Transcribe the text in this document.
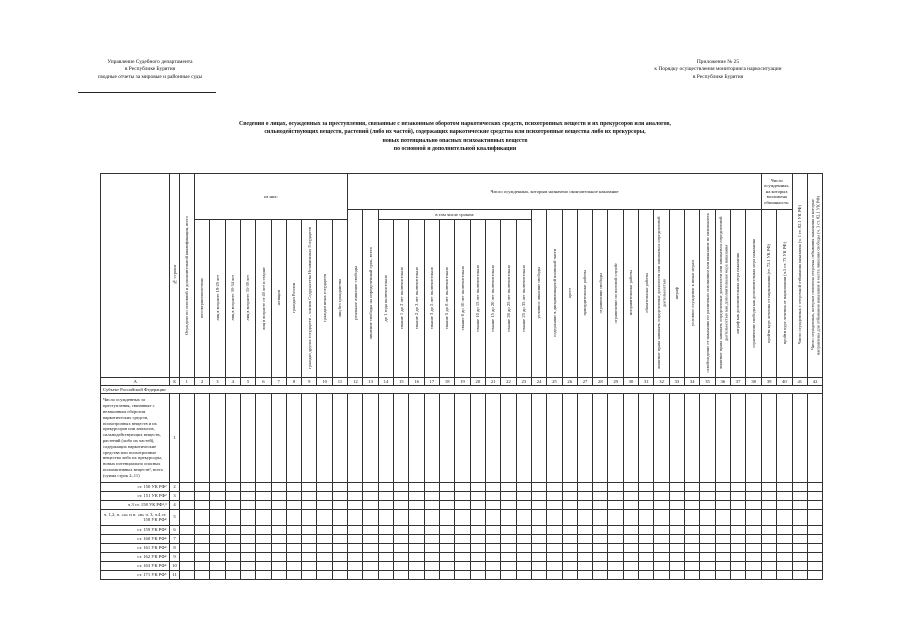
Управление Судебного департамента
в Республике Бурятия
сводные отчеты за мировые и районные суды
Приложение № 25
к Порядку осуществления мониторинга наркоситуации
в Республике Бурятия
Сведения о лицах, осужденных за преступления, связанные с незаконным оборотом наркотических средств, психотропных веществ и их прекурсоров или аналогов,
сильнодействующих веществ, растений (либо их частей), содержащих наркотические средства или психотропные вещества либо их прекурсоры,
новых потенциально опасных психоактивных веществ
по основной и дополнительной квалификации
	№ строки	Осуждено по основной и дополнительной квалификации, всего	из них:										Число осужденных, которым назначено окончательное наказание																											Число осужденных, на которых возложена обязанность:		Число осужденных с отсрочкой отбывания наказания (ч. 1 ст. 82.1 УК РФ)	Число осужденных, которым отменена отсрочка отбывания наказания и которые направлены для отбывания наказания в места лишения свободы (ч. 3 ст. 82.1 УК РФ)
													реальное лишение свободы	лишение свободы на определенный срок, всего	в том числе сроком:										условное лишение свободы	содержание в дисциплинарной воинской части	арест	принудительные работы	ограничение свободы	ограничение по военной службе	исправительные работы	обязательные работы	лишение права занимать определенные должности или заниматься определенной деятельностью	штраф	условное осуждение к иным мерам	освобождение от наказания по различным основаниям или наказание не назначалось	лишение права занимать определенные должности или заниматься определенной деятельностью как дополнительная мера наказания	штраф как дополнительная мера наказания	ограничение свободы как дополнительная мера наказания	пройти курс лечения от наркомании (ст. 72.1 УК РФ)	пройти курс лечения от наркомании (ч.5 ст. 73 УК РФ)		
			несовершеннолетних	лиц в возрасте 18-29 лет	лиц в возрасте 30-34 лет	лиц в возрасте 35-39 лет	лиц в возрасте от 40 лет и старше	женщин	граждан России	граждан других государств – членов Содружества Независимых Государств	граждан иных государств	лиц без гражданства			до 1 года включительно	свыше 1 до 2 лет включительно	свыше 2 до 3 лет включительно	свыше 3 до 5 лет включительно	свыше 5 до 8 лет включительно	свыше 8 до 10 лет включительно	свыше 10 до 15 лет включительно	свыше 15 до 20 лет включительно	свыше 20 до 25 лет включительно	свыше 25 до 35 лет включительно																			
А	Б	1	2	3	4	5	6	7	8	9	10	11	12	13	14	15	16	17	18	19	20	21	22	23	24	25	26	27	28	29	30	31	32	33	34	35	36	37	38	39	40	41	42
Субъект Российской Федерации																																											
Число осужденных за преступления, связанные с незаконным оборотом наркотических средств, психотропных веществ и их прекурсоров или аналогов, сильнодействующих веществ, растений (либо их частей), содержащих наркотические средства или психотропные вещества либо их прекурсоры, новых потенциально опасных психоактивных веществ¹, всего (сумма строк 2–11)	1																																										
ст. 150 УК РФ²	2																																										
ст. 151 УК РФ²	3																																										
ч.3 ст. 158 УК РФ²,³	4																																										
ч. 1,2, п. «а» и п. «в» ч. 3, ч.4 ст. 158 УК РФ⁴	5																																										
ст. 159 УК РФ⁴	6																																										
ст. 160 УК РФ⁴	7																																										
ст. 161 УК РФ⁴	8																																										
ст. 162 УК РФ⁴	9																																										
ст. 163 УК РФ⁴	10																																										
ст. 171 УК РФ⁵	11																																										
